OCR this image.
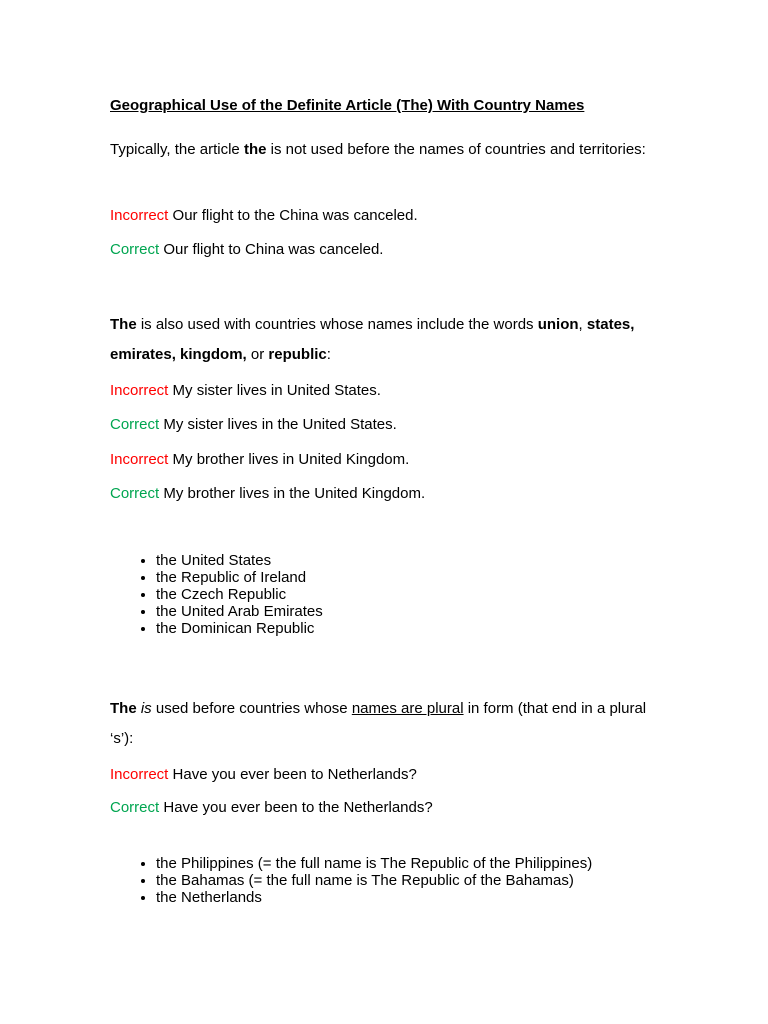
Geographical Use of the Definite Article (The) With Country Names
Typically, the article the is not used before the names of countries and territories:
Incorrect Our flight to the China was canceled.
Correct Our flight to China was canceled.
The is also used with countries whose names include the words union, states, emirates, kingdom, or republic:
Incorrect My sister lives in United States.
Correct My sister lives in the United States.
Incorrect My brother lives in United Kingdom.
Correct My brother lives in the United Kingdom.
• the United States
• the Republic of Ireland
• the Czech Republic
• the United Arab Emirates
• the Dominican Republic
The is used before countries whose names are plural in form (that end in a plural ‘s’):
Incorrect Have you ever been to Netherlands?
Correct Have you ever been to the Netherlands?
• the Philippines (= the full name is The Republic of the Philippines)
• the Bahamas (= the full name is The Republic of the Bahamas)
• the Netherlands
